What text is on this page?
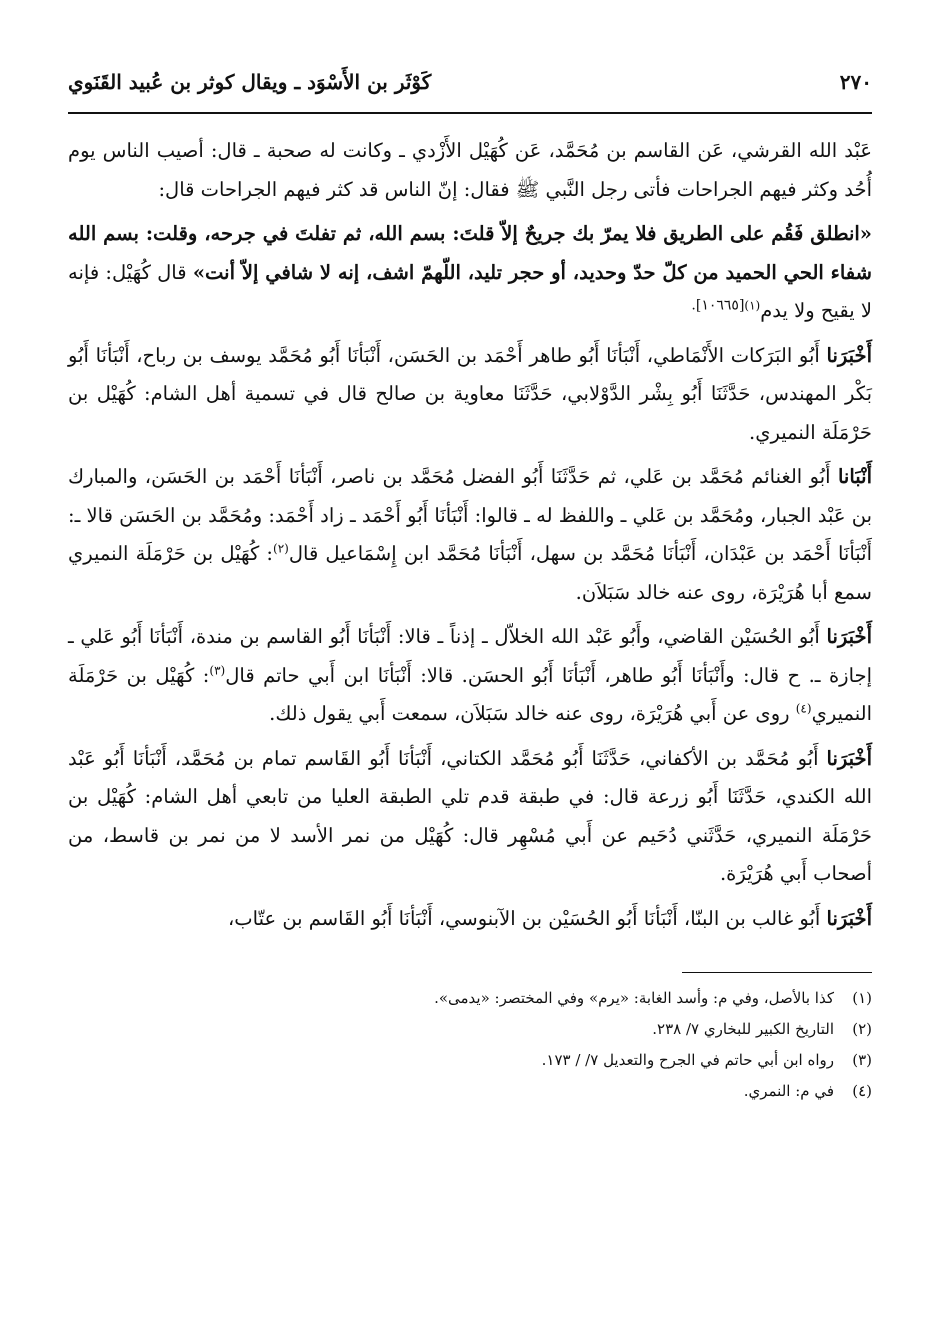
٢٧٠
كَوْثَر بن الأَسْوَد ـ ويقال كوثر بن عُبيد القَنَوي

عَبْد الله القرشي، عَن القاسم بن مُحَمَّد، عَن كُهَيْل الأَزْدي ـ وكانت له صحبة ـ قال: أصيب الناس يوم أُحُد وكثر فيهم الجراحات فأتى رجل النَّبي ﷺ فقال: إنّ الناس قد كثر فيهم الجراحات قال:

«انطلق فَقُم على الطريق فلا يمرّ بك جريحٌ إلاّ قلتَ: بسم الله، ثم تفلتَ في جرحه، وقلت: بسم الله شفاء الحي الحميد من كلّ حدّ وحديد، أو حجر تليد، اللّهمّ اشف، إنه لا شافي إلاّ أنت» قال كُهَيْل: فإنه لا يقيح ولا يدم$^{(١)[١٠٦٦٥].}$

أَخْبَرَنا أَبُو البَرَكات الأَنْمَاطي، أَنْبَأنَا أَبُو طاهر أَحْمَد بن الحَسَن، أَنْبَأنَا أَبُو مُحَمَّد يوسف بن رباح، أَنْبَأنَا أَبُو بَكْر المهندس، حَدَّثَنَا أَبُو بِشْر الدَّوْلابي، حَدَّثَنَا معاوية بن صالح قال في تسمية أهل الشام: كُهَيْل بن حَرْمَلَة النميري.

أَنْبَانا أَبُو الغنائم مُحَمَّد بن عَلي، ثم حَدَّثَنَا أَبُو الفضل مُحَمَّد بن ناصر، أَنْبَأنَا أَحْمَد بن الحَسَن، والمبارك بن عَبْد الجبار، ومُحَمَّد بن عَلي ـ واللفظ له ـ قالوا: أَنْبَأنَا أَبُو أَحْمَد ـ زاد أَحْمَد: ومُحَمَّد بن الحَسَن قالا ـ: أَنْبَأنَا أَحْمَد بن عَبْدَان، أَنْبَأنَا مُحَمَّد بن سهل، أَنْبَأنَا مُحَمَّد ابن إِسْمَاعيل قال$^{(٢)}$: كُهَيْل بن حَرْمَلَة النميري سمع أبا هُرَيْرَة، روى عنه خالد سَبَلاَن.

أَخْبَرَنا أَبُو الحُسَيْن القاضي، وأَبُو عَبْد الله الخلاّل ـ إذناً ـ قالا: أَنْبَأنَا أَبُو القاسم بن مندة، أَنْبَأنَا أَبُو عَلي ـ إجازة ـ. ح قال: وأَنْبَأنَا أَبُو طاهر، أَنْبَأنَا أَبُو الحسَن. قالا: أَنْبَأنَا ابن أَبي حاتم قال$^{(٣)}$: كُهَيْل بن حَرْمَلَة النميري$^{(٤)}$ روى عن أَبي هُرَيْرَة، روى عنه خالد سَبَلاَن، سمعت أَبي يقول ذلك.

أَخْبَرَنا أَبُو مُحَمَّد بن الأكفاني، حَدَّثَنَا أَبُو مُحَمَّد الكتاني، أَنْبَأنَا أَبُو القَاسم تمام بن مُحَمَّد، أَنْبَأنَا أَبُو عَبْد الله الكندي، حَدَّثَنَا أَبُو زرعة قال: في طبقة قدم تلي الطبقة العليا من تابعي أهل الشام: كُهَيْل بن حَرْمَلَة النميري، حَدَّثَني دُحَيم عن أَبي مُسْهِر قال: كُهَيْل من نمر الأسد لا من نمر بن قاسط، من أصحاب أَبي هُرَيْرَة.

أَخْبَرَنا أَبُو غالب بن البنّا، أَنْبَأنَا أَبُو الحُسَيْن بن الآبنوسي، أَنْبَأنَا أَبُو القَاسم بن عتّاب،

(١)
كذا بالأصل، وفي م: وأسد الغابة: «يرم» وفي المختصر: «يدمى».
(٢)
التاريخ الكبير للبخاري ٧/ ٢٣٨.
(٣)
رواه ابن أبي حاتم في الجرح والتعديل ٧/ / ١٧٣.
(٤)
في م: النمري.
